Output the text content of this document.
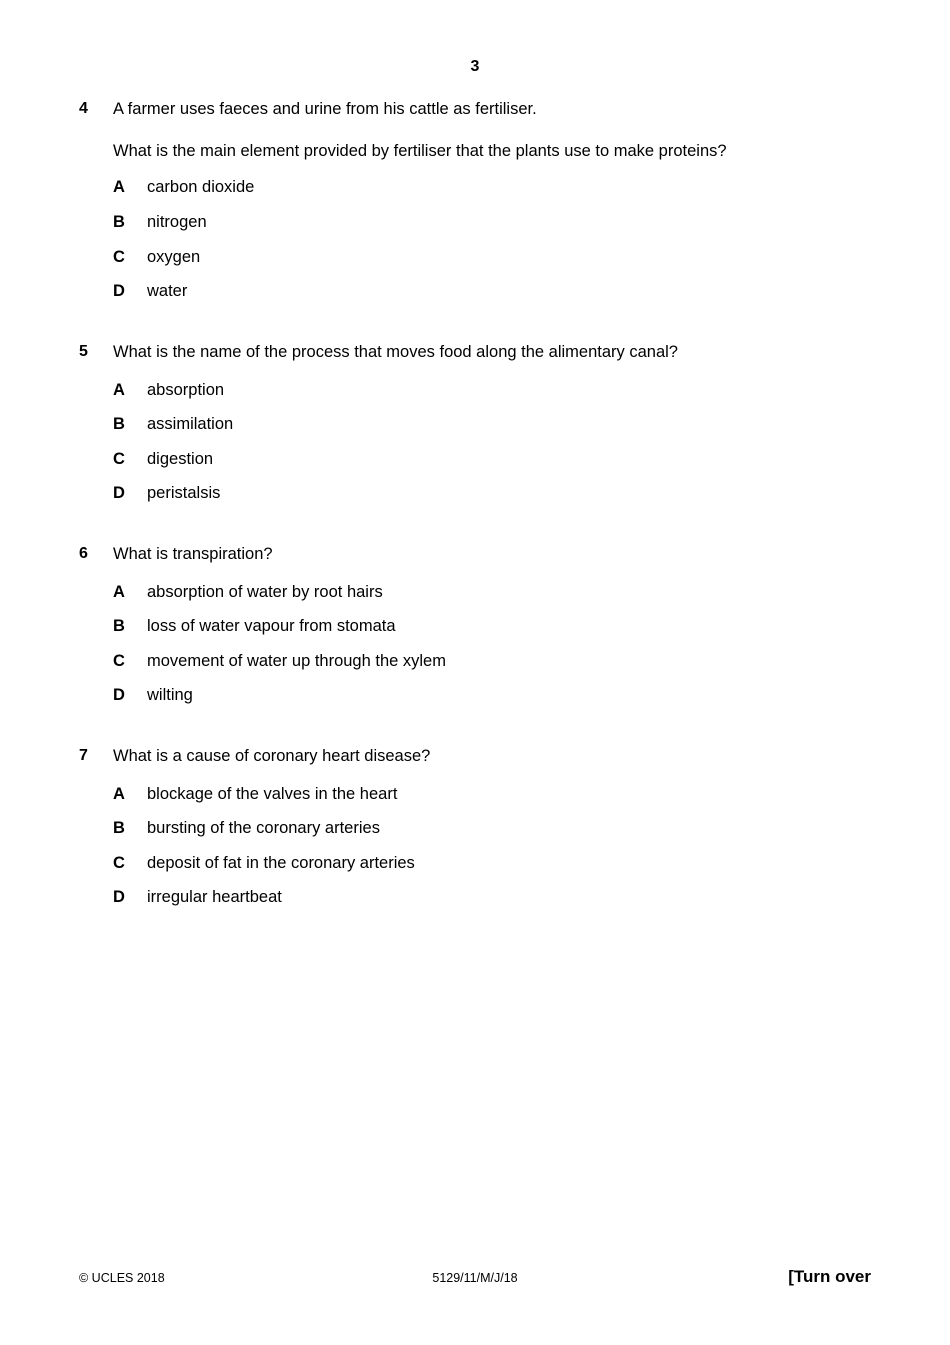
3
4 A farmer uses faeces and urine from his cattle as fertiliser.
What is the main element provided by fertiliser that the plants use to make proteins?
A carbon dioxide
B nitrogen
C oxygen
D water
5 What is the name of the process that moves food along the alimentary canal?
A absorption
B assimilation
C digestion
D peristalsis
6 What is transpiration?
A absorption of water by root hairs
B loss of water vapour from stomata
C movement of water up through the xylem
D wilting
7 What is a cause of coronary heart disease?
A blockage of the valves in the heart
B bursting of the coronary arteries
C deposit of fat in the coronary arteries
D irregular heartbeat
© UCLES 2018	5129/11/M/J/18	[Turn over
